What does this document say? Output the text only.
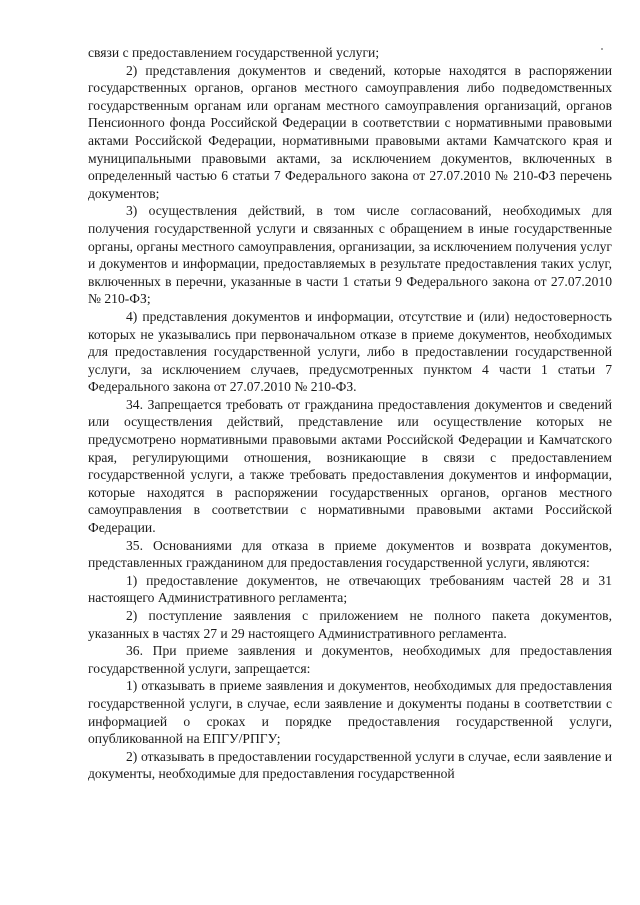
связи с предоставлением государственной услуги;

2) представления документов и сведений, которые находятся в распоряжении государственных органов, органов местного самоуправления либо подведомственных государственным органам или органам местного самоуправления организаций, органов Пенсионного фонда Российской Федерации в соответствии с нормативными правовыми актами Российской Федерации, нормативными правовыми актами Камчатского края и муниципальными правовыми актами, за исключением документов, включенных в определенный частью 6 статьи 7 Федерального закона от 27.07.2010 № 210-ФЗ перечень документов;

3) осуществления действий, в том числе согласований, необходимых для получения государственной услуги и связанных с обращением в иные государственные органы, органы местного самоуправления, организации, за исключением получения услуг и документов и информации, предоставляемых в результате предоставления таких услуг, включенных в перечни, указанные в части 1 статьи 9 Федерального закона от 27.07.2010 № 210-ФЗ;

4) представления документов и информации, отсутствие и (или) недостоверность которых не указывались при первоначальном отказе в приеме документов, необходимых для предоставления государственной услуги, либо в предоставлении государственной услуги, за исключением случаев, предусмотренных пунктом 4 части 1 статьи 7 Федерального закона от 27.07.2010 № 210-ФЗ.

34. Запрещается требовать от гражданина предоставления документов и сведений или осуществления действий, представление или осуществление которых не предусмотрено нормативными правовыми актами Российской Федерации и Камчатского края, регулирующими отношения, возникающие в связи с предоставлением государственной услуги, а также требовать предоставления документов и информации, которые находятся в распоряжении государственных органов, органов местного самоуправления в соответствии с нормативными правовыми актами Российской Федерации.

35. Основаниями для отказа в приеме документов и возврата документов, представленных гражданином для предоставления государственной услуги, являются:

1) предоставление документов, не отвечающих требованиям частей 28 и 31 настоящего Административного регламента;

2) поступление заявления с приложением не полного пакета документов, указанных в частях 27 и 29 настоящего Административного регламента.

36. При приеме заявления и документов, необходимых для предоставления государственной услуги, запрещается:

1) отказывать в приеме заявления и документов, необходимых для предоставления государственной услуги, в случае, если заявление и документы поданы в соответствии с информацией о сроках и порядке предоставления государственной услуги, опубликованной на ЕПГУ/РПГУ;

2) отказывать в предоставлении государственной услуги в случае, если заявление и документы, необходимые для предоставления государственной
